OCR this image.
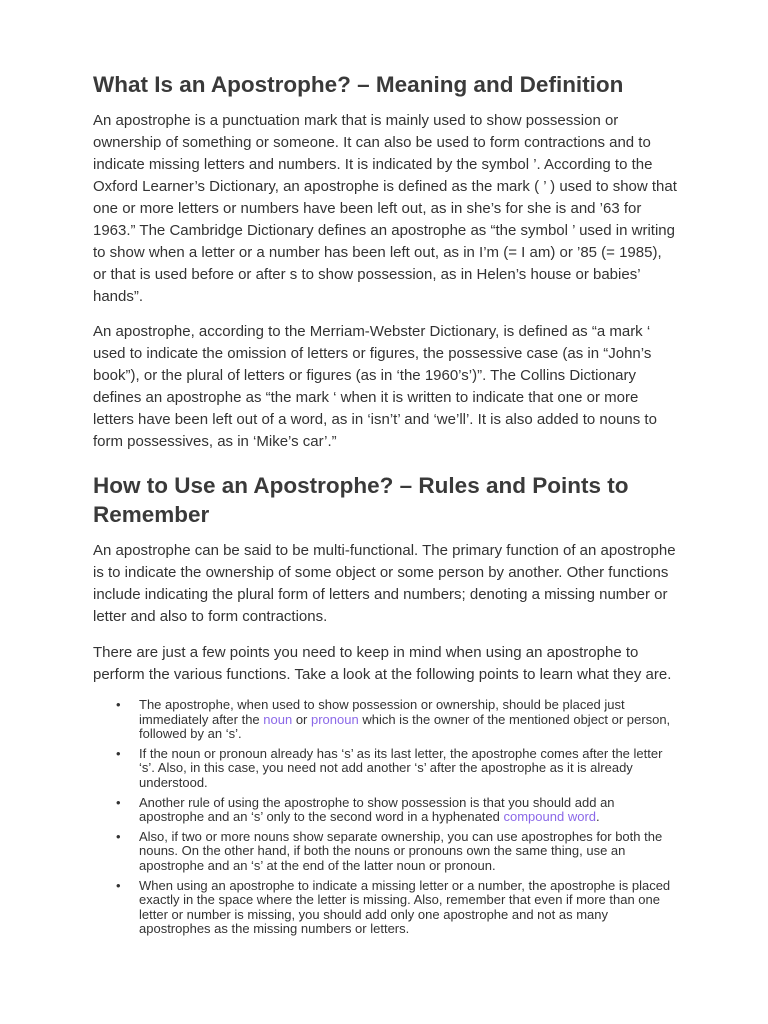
What Is an Apostrophe? – Meaning and Definition

An apostrophe is a punctuation mark that is mainly used to show possession or ownership of something or someone. It can also be used to form contractions and to indicate missing letters and numbers. It is indicated by the symbol ’. According to the Oxford Learner’s Dictionary, an apostrophe is defined as the mark ( ’ ) used to show that one or more letters or numbers have been left out, as in she’s for she is and ’63 for 1963.” The Cambridge Dictionary defines an apostrophe as “the symbol ’ used in writing to show when a letter or a number has been left out, as in I’m (= I am) or ’85 (= 1985), or that is used before or after s to show possession, as in Helen’s house or babies’ hands”.

An apostrophe, according to the Merriam-Webster Dictionary, is defined as “a mark ‘ used to indicate the omission of letters or figures, the possessive case (as in “John’s book”), or the plural of letters or figures (as in ‘the 1960’s’)”. The Collins Dictionary defines an apostrophe as “the mark ‘ when it is written to indicate that one or more letters have been left out of a word, as in ‘isn’t’ and ‘we’ll’. It is also added to nouns to form possessives, as in ‘Mike’s car’.”

How to Use an Apostrophe? – Rules and Points to Remember

An apostrophe can be said to be multi-functional. The primary function of an apostrophe is to indicate the ownership of some object or some person by another. Other functions include indicating the plural form of letters and numbers; denoting a missing number or letter and also to form contractions.

There are just a few points you need to keep in mind when using an apostrophe to perform the various functions. Take a look at the following points to learn what they are.

• The apostrophe, when used to show possession or ownership, should be placed just immediately after the noun or pronoun which is the owner of the mentioned object or person, followed by an ‘s’.
• If the noun or pronoun already has ‘s’ as its last letter, the apostrophe comes after the letter ‘s’. Also, in this case, you need not add another ‘s’ after the apostrophe as it is already understood.
• Another rule of using the apostrophe to show possession is that you should add an apostrophe and an ‘s’ only to the second word in a hyphenated compound word.
• Also, if two or more nouns show separate ownership, you can use apostrophes for both the nouns. On the other hand, if both the nouns or pronouns own the same thing, use an apostrophe and an ‘s’ at the end of the latter noun or pronoun.
• When using an apostrophe to indicate a missing letter or a number, the apostrophe is placed exactly in the space where the letter is missing. Also, remember that even if more than one letter or number is missing, you should add only one apostrophe and not as many apostrophes as the missing numbers or letters.
